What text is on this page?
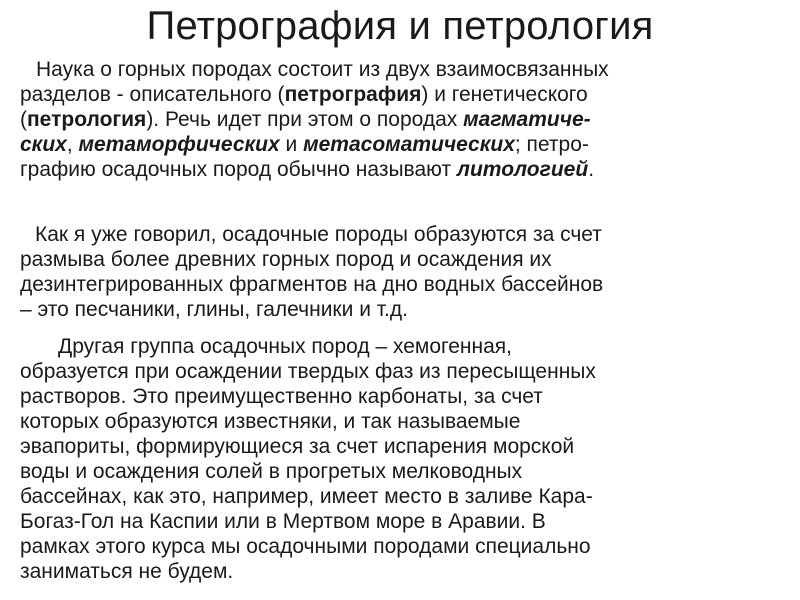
Петрография и петрология
Наука о горных породах состоит из двух взаимосвязанных
разделов - описательного (петрография) и генетического
(петрология). Речь идет при этом о породах магматиче-
ских, метаморфических и метасоматических; петро-
графию осадочных пород обычно называют литологией.
Как я уже говорил, осадочные породы образуются за счет
размыва более древних горных пород и осаждения их
дезинтегрированных фрагментов на дно водных бассейнов
– это песчаники, глины, галечники и т.д.
Другая группа осадочных пород – хемогенная,
образуется при осаждении твердых фаз из пересыщенных
растворов. Это преимущественно карбонаты, за счет
которых образуются известняки, и так называемые
эвапориты, формирующиеся за счет испарения морской
воды и осаждения солей в прогретых мелководных
бассейнах, как это, например, имеет место в заливе Кара-
Богаз-Гол на Каспии или в Мертвом море в Аравии. В
рамках этого курса мы осадочными породами специально
заниматься не будем.
